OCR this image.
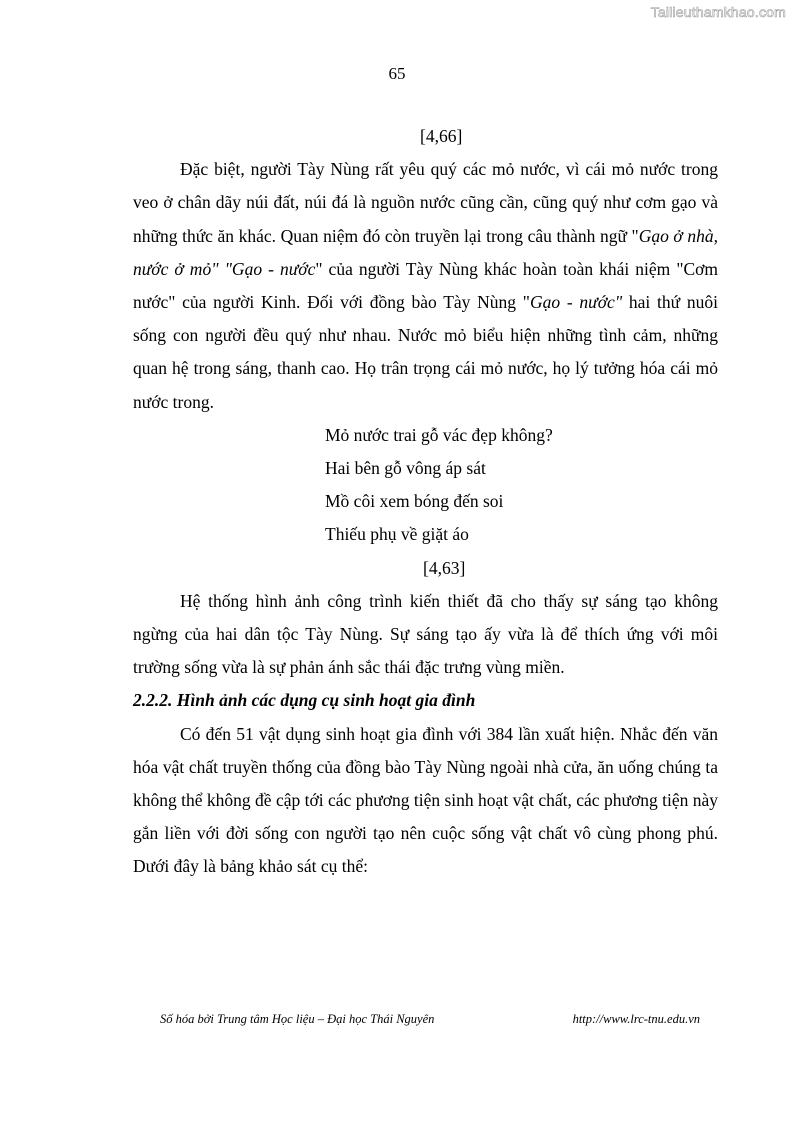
Tailieuthamkhao.com
65
[4,66]

Đặc biệt, người Tày Nùng rất yêu quý các mỏ nước, vì cái mỏ nước trong veo ở chân dãy núi đất, núi đá là nguồn nước cũng cần, cũng quý như cơm gạo và những thức ăn khác. Quan niệm đó còn truyền lại trong câu thành ngữ "Gạo ở nhà, nước ở mỏ" "Gạo - nước" của người Tày Nùng khác hoàn toàn khái niệm "Cơm nước" của người Kinh. Đối với đồng bào Tày Nùng "Gạo - nước" hai thứ nuôi sống con người đều quý như nhau. Nước mỏ biểu hiện những tình cảm, những quan hệ trong sáng, thanh cao. Họ trân trọng cái mỏ nước, họ lý tưởng hóa cái mỏ nước trong.

Mỏ nước trai gỗ vác đẹp không?
Hai bên gỗ vông áp sát
Mồ côi xem bóng đến soi
Thiếu phụ về giặt áo
[4,63]

Hệ thống hình ảnh công trình kiến thiết đã cho thấy sự sáng tạo không ngừng của hai dân tộc Tày Nùng. Sự sáng tạo ấy vừa là để thích ứng với môi trường sống vừa là sự phản ánh sắc thái đặc trưng vùng miền.

2.2.2. Hình ảnh các dụng cụ sinh hoạt gia đình

Có đến 51 vật dụng sinh hoạt gia đình với 384 lần xuất hiện. Nhắc đến văn hóa vật chất truyền thống của đồng bào Tày Nùng ngoài nhà cửa, ăn uống chúng ta không thể không đề cập tới các phương tiện sinh hoạt vật chất, các phương tiện này gắn liền với đời sống con người tạo nên cuộc sống vật chất vô cùng phong phú. Dưới đây là bảng khảo sát cụ thể:

Số hóa bởi Trung tâm Học liệu – Đại học Thái Nguyên	http://www.lrc-tnu.edu.vn
